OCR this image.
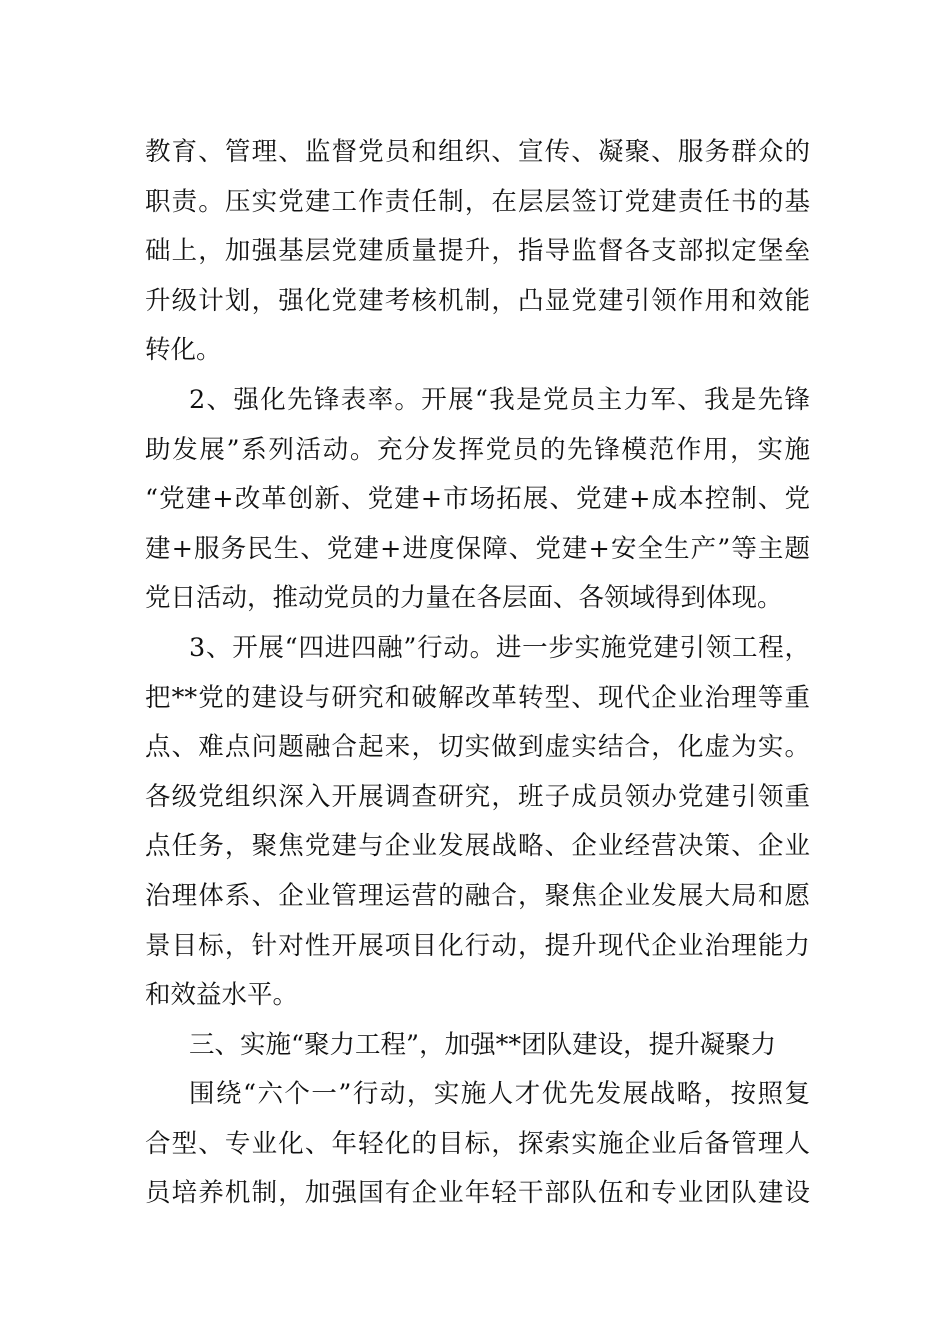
教育、管理、监督党员和组织、宣传、凝聚、服务群众的
职责。压实党建工作责任制，在层层签订党建责任书的基
础上，加强基层党建质量提升，指导监督各支部拟定堡垒
升级计划，强化党建考核机制，凸显党建引领作用和效能
转化。
2、强化先锋表率。开展“我是党员主力军、我是先锋
助发展”系列活动。充分发挥党员的先锋模范作用，实施
“党建+改革创新、党建+市场拓展、党建+成本控制、党
建+服务民生、党建+进度保障、党建+安全生产”等主题
党日活动，推动党员的力量在各层面、各领域得到体现。
3、开展“四进四融”行动。进一步实施党建引领工程，
把**党的建设与研究和破解改革转型、现代企业治理等重
点、难点问题融合起来，切实做到虚实结合，化虚为实。
各级党组织深入开展调查研究，班子成员领办党建引领重
点任务，聚焦党建与企业发展战略、企业经营决策、企业
治理体系、企业管理运营的融合，聚焦企业发展大局和愿
景目标，针对性开展项目化行动，提升现代企业治理能力
和效益水平。
三、实施“聚力工程”，加强**团队建设，提升凝聚力
围绕“六个一”行动，实施人才优先发展战略，按照复
合型、专业化、年轻化的目标，探索实施企业后备管理人
员培养机制，加强国有企业年轻干部队伍和专业团队建设
